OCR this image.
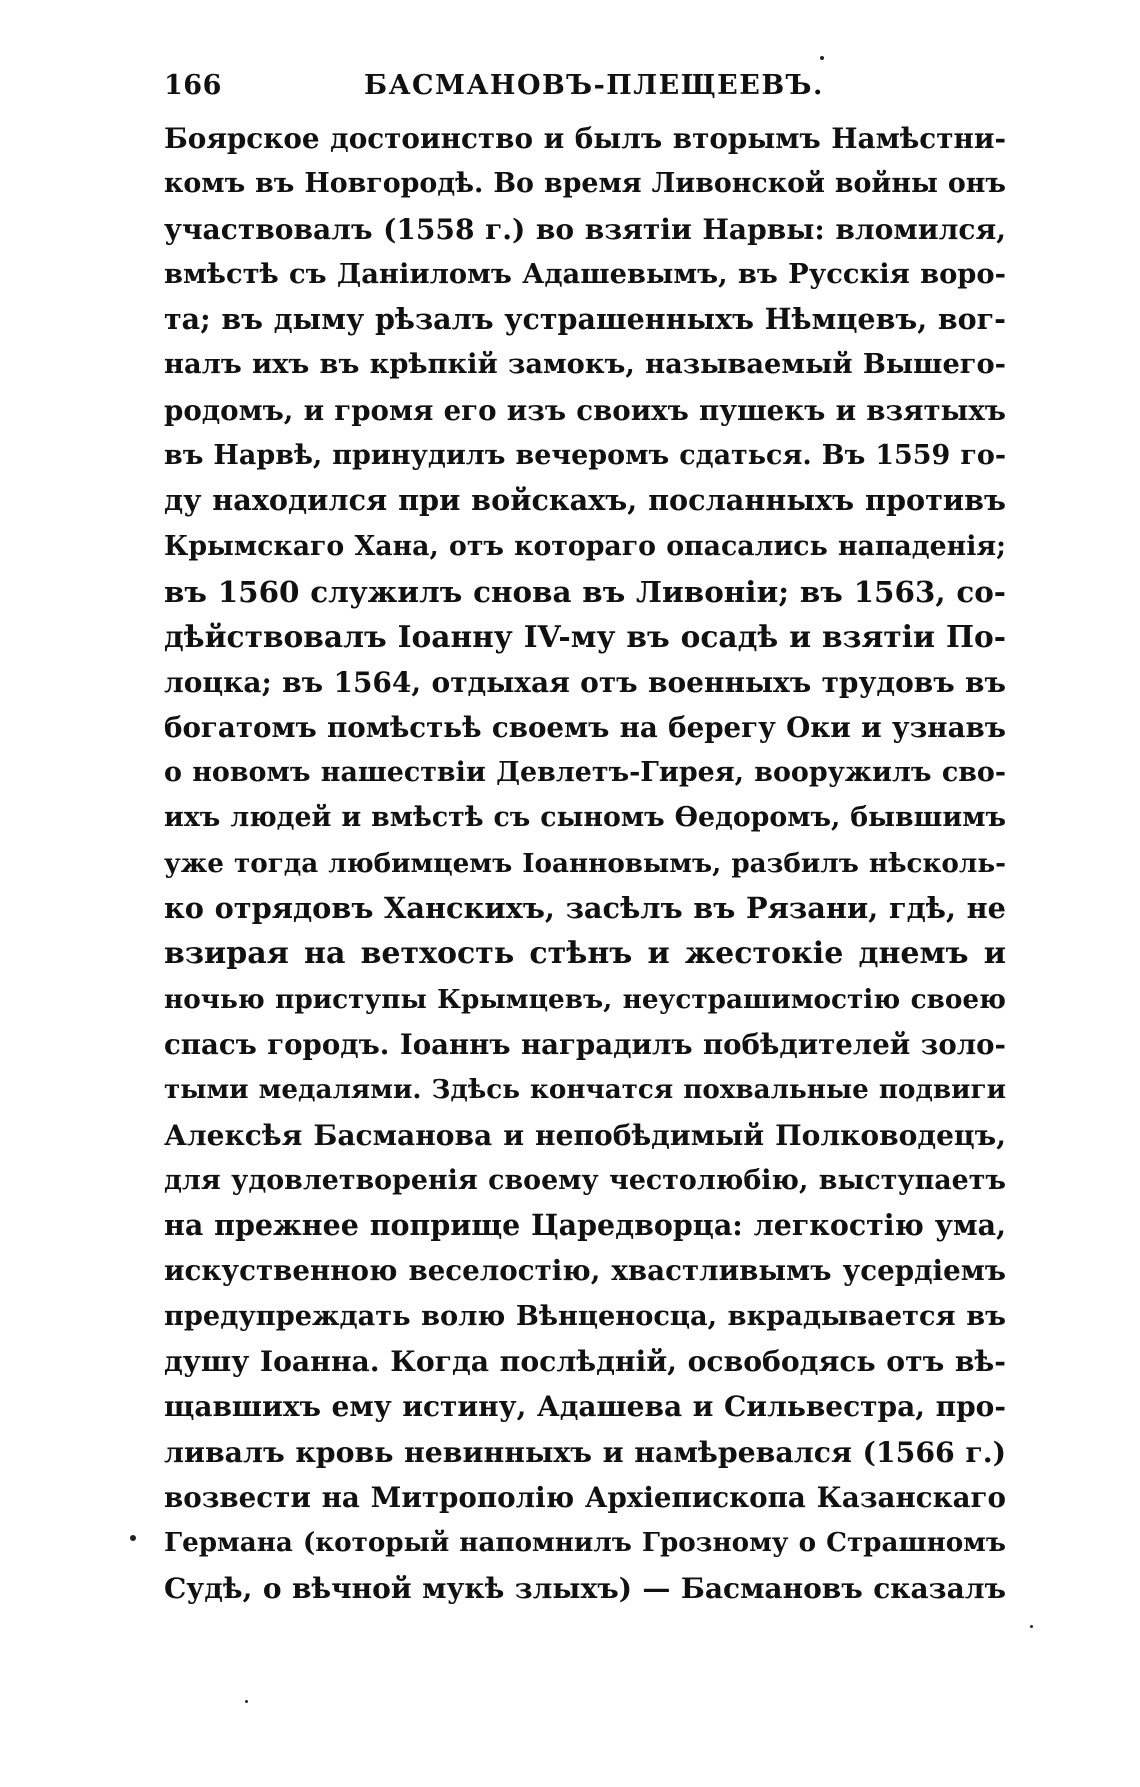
166	БАСМАНОВЪ-ПЛЕЩЕЕВЪ.
Боярское достоинство и былъ вторымъ Намѣстни-
комъ въ Новгородѣ. Во время Ливонской войны онъ
участвовалъ (1558 г.) во взятіи Нарвы: вломился,
вмѣстѣ съ Даніиломъ Адашевымъ, въ Русскія воро-
та; въ дыму рѣзалъ устрашенныхъ Нѣмцевъ, вог-
налъ ихъ въ крѣпкій замокъ, называемый Вышего-
родомъ, и громя его изъ своихъ пушекъ и взятыхъ
въ Нарвѣ, принудилъ вечеромъ сдаться. Въ 1559 го-
ду находился при войскахъ, посланныхъ противъ
Крымскаго Хана, отъ котораго опасались нападенія;
въ 1560 служилъ снова въ Ливоніи; въ 1563, со-
дѣйствовалъ Іоанну IV-му въ осадѣ и взятіи По-
лоцка; въ 1564, отдыхая отъ военныхъ трудовъ въ
богатомъ помѣстьѣ своемъ на берегу Оки и узнавъ
о новомъ нашествіи Девлетъ-Гирея, вооружилъ сво-
ихъ людей и вмѣстѣ съ сыномъ Ѳедоромъ, бывшимъ
уже тогда любимцемъ Іоанновымъ, разбилъ нѣсколь-
ко отрядовъ Ханскихъ, засѣлъ въ Рязани, гдѣ, не
взирая на ветхость стѣнъ и жестокіе днемъ и
ночью приступы Крымцевъ, неустрашимостію своею
спасъ городъ. Іоаннъ наградилъ побѣдителей золо-
тыми медалями. Здѣсь кончатся похвальные подвиги
Алексѣя Басманова и непобѣдимый Полководецъ,
для удовлетворенія своему честолюбію, выступаетъ
на прежнее поприще Царедворца: легкостію ума,
искуственною веселостію, хвастливымъ усердіемъ
предупреждать волю Вѣнценосца, вкрадывается въ
душу Іоанна. Когда послѣдній, освободясь отъ вѣ-
щавшихъ ему истину, Адашева и Сильвестра, про-
ливалъ кровь невинныхъ и намѣревался (1566 г.)
возвести на Митрополію Архіепископа Казанскаго
Германа (который напомнилъ Грозному о Страшномъ
Судѣ, о вѣчной мукѣ злыхъ) — Басмановъ сказалъ
